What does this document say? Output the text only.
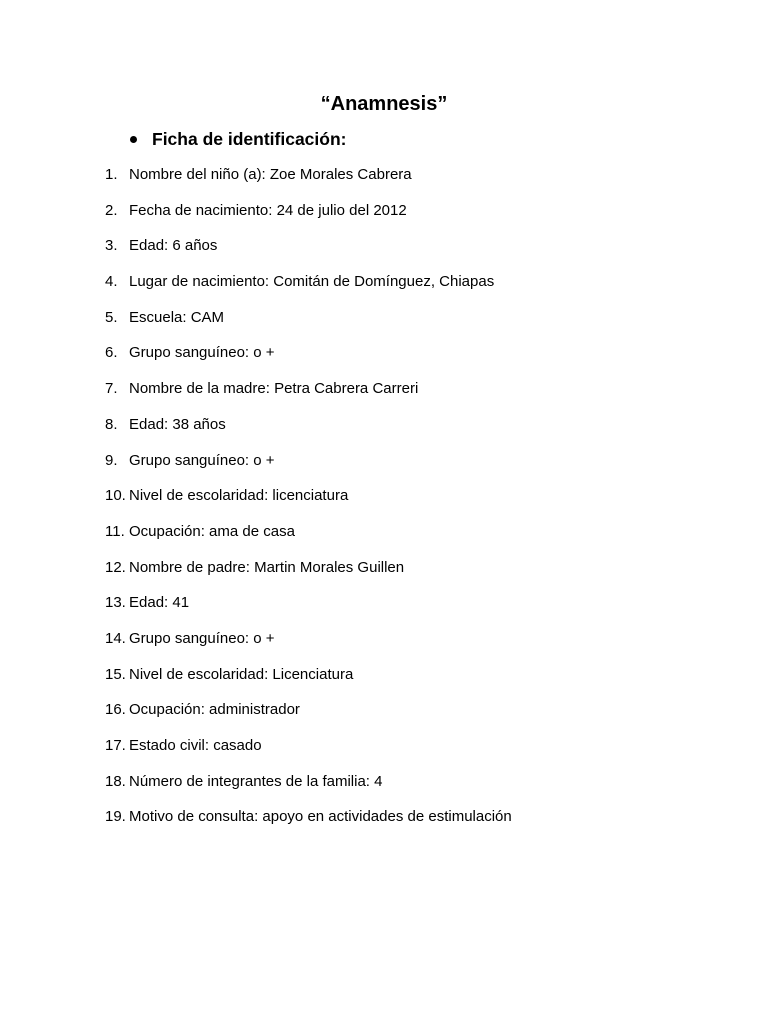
“Anamnesis”
Ficha de identificación:
1. Nombre del niño (a): Zoe Morales Cabrera
2. Fecha de nacimiento: 24 de julio del 2012
3. Edad: 6 años
4. Lugar de nacimiento: Comitán de Domínguez, Chiapas
5. Escuela: CAM
6. Grupo sanguíneo: o +
7. Nombre de la madre: Petra Cabrera Carreri
8. Edad: 38 años
9. Grupo sanguíneo: o +
10. Nivel de escolaridad: licenciatura
11. Ocupación: ama de casa
12. Nombre de padre: Martin Morales Guillen
13. Edad: 41
14. Grupo sanguíneo: o +
15. Nivel de escolaridad: Licenciatura
16. Ocupación: administrador
17. Estado civil: casado
18. Número de integrantes de la familia: 4
19. Motivo de consulta: apoyo en actividades de estimulación
